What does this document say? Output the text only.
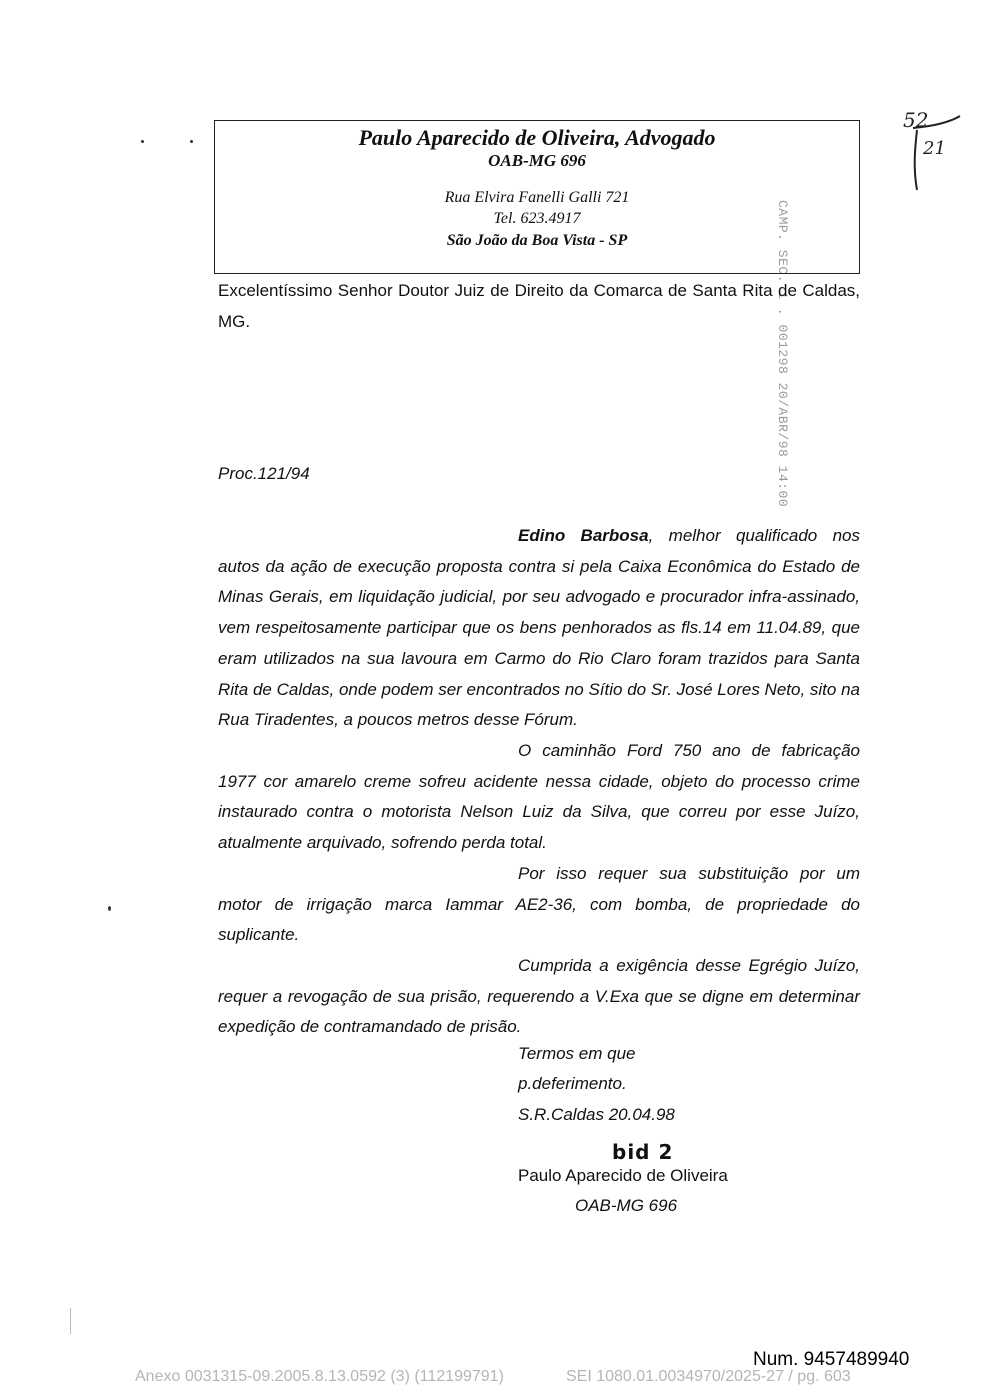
52
21
CAMP. SEC. 1 . 001298 20/ABR/98 14:00
Paulo Aparecido de Oliveira, Advogado
OAB-MG 696
Rua Elvira Fanelli Galli 721
Tel. 623.4917
São João da Boa Vista - SP
Excelentíssimo Senhor Doutor Juiz de Direito da Comarca de Santa Rita de Caldas, MG.
Proc.121/94
Edino Barbosa, melhor qualificado nos autos da ação de execução proposta contra si pela Caixa Econômica do Estado de Minas Gerais, em liquidação judicial, por seu advogado e procurador infra-assinado, vem respeitosamente participar que os bens penhorados as fls.14 em 11.04.89, que eram utilizados na sua lavoura em Carmo do Rio Claro foram trazidos para Santa Rita de Caldas, onde podem ser encontrados no Sítio do Sr. José Lores Neto, sito na Rua Tiradentes, a poucos metros desse Fórum.
O caminhão Ford 750 ano de fabricação 1977 cor amarelo creme sofreu acidente nessa cidade, objeto do processo crime instaurado contra o motorista Nelson Luiz da Silva, que correu por esse Juízo, atualmente arquivado, sofrendo perda total.
Por isso requer sua substituição por um motor de irrigação marca Iammar AE2-36, com bomba, de propriedade do suplicante.
Cumprida a exigência desse Egrégio Juízo, requer a revogação de sua prisão, requerendo a V.Exa que se digne em determinar expedição de contramandado de prisão.
Termos em que
p.deferimento.
S.R.Caldas 20.04.98
bid 2
Paulo Aparecido de Oliveira
OAB-MG 696
Num. 9457489940
Anexo 0031315-09.2005.8.13.0592 (3) (112199791)	SEI 1080.01.0034970/2025-27 / pg. 603
